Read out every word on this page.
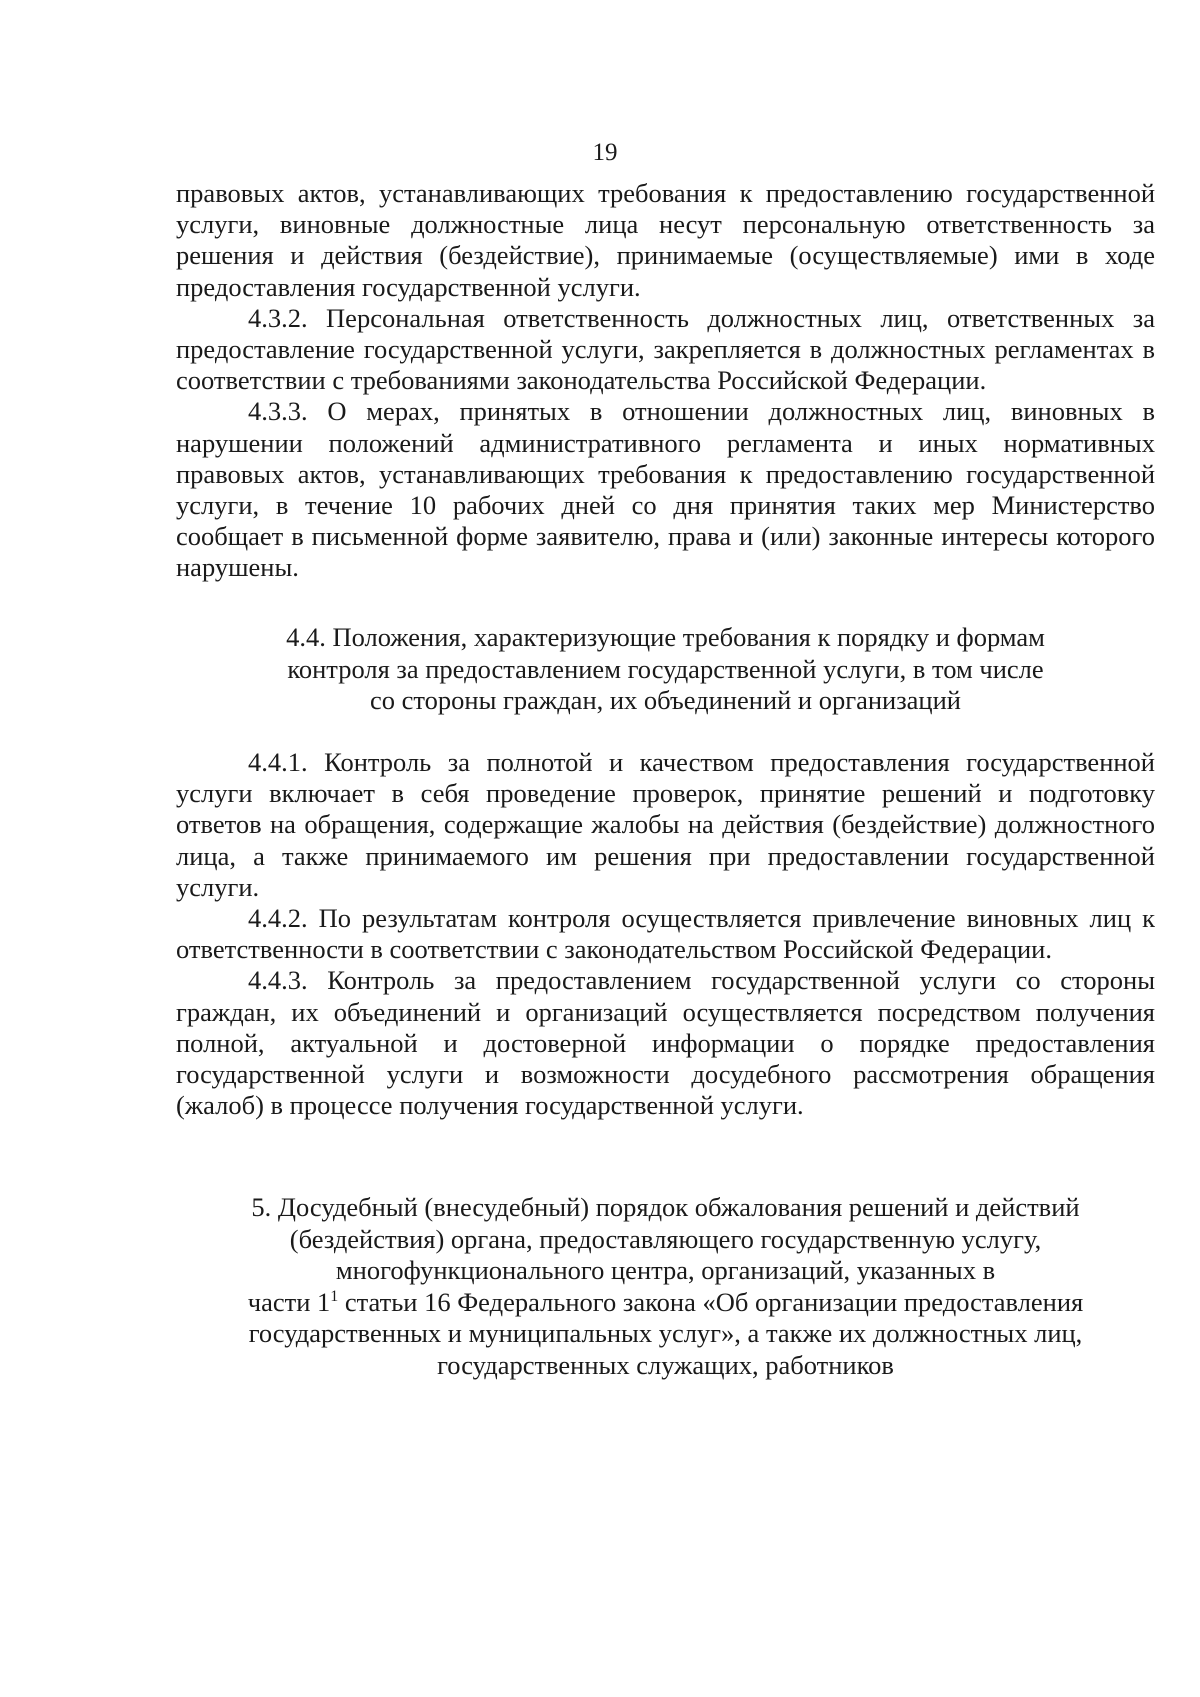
19

правовых актов, устанавливающих требования к предоставлению государственной услуги, виновные должностные лица несут персональную ответственность за решения и действия (бездействие), принимаемые (осуществляемые) ими в ходе предоставления государственной услуги.

4.3.2. Персональная ответственность должностных лиц, ответственных за предоставление государственной услуги, закрепляется в должностных регламентах в соответствии с требованиями законодательства Российской Федерации.

4.3.3. О мерах, принятых в отношении должностных лиц, виновных в нарушении положений административного регламента и иных нормативных правовых актов, устанавливающих требования к предоставлению государственной услуги, в течение 10 рабочих дней со дня принятия таких мер Министерство сообщает в письменной форме заявителю, права и (или) законные интересы которого нарушены.

4.4. Положения, характеризующие требования к порядку и формам

контроля за предоставлением государственной услуги, в том числе

со стороны граждан, их объединений и организаций

4.4.1. Контроль за полнотой и качеством предоставления государственной услуги включает в себя проведение проверок, принятие решений и подготовку ответов на обращения, содержащие жалобы на действия (бездействие) должностного лица, а также принимаемого им решения при предоставлении государственной услуги.

4.4.2. По результатам контроля осуществляется привлечение виновных лиц к ответственности в соответствии с законодательством Российской Федерации.

4.4.3. Контроль за предоставлением государственной услуги со стороны граждан, их объединений и организаций осуществляется посредством получения полной, актуальной и достоверной информации о порядке предоставления государственной услуги и возможности досудебного рассмотрения обращения (жалоб) в процессе получения государственной услуги.

5. Досудебный (внесудебный) порядок обжалования решений и действий

(бездействия) органа, предоставляющего государственную услугу,

многофункционального центра, организаций, указанных в

части $1^1$ статьи 16 Федерального закона «Об организации предоставления

государственных и муниципальных услуг», а также их должностных лиц,

государственных служащих, работников
